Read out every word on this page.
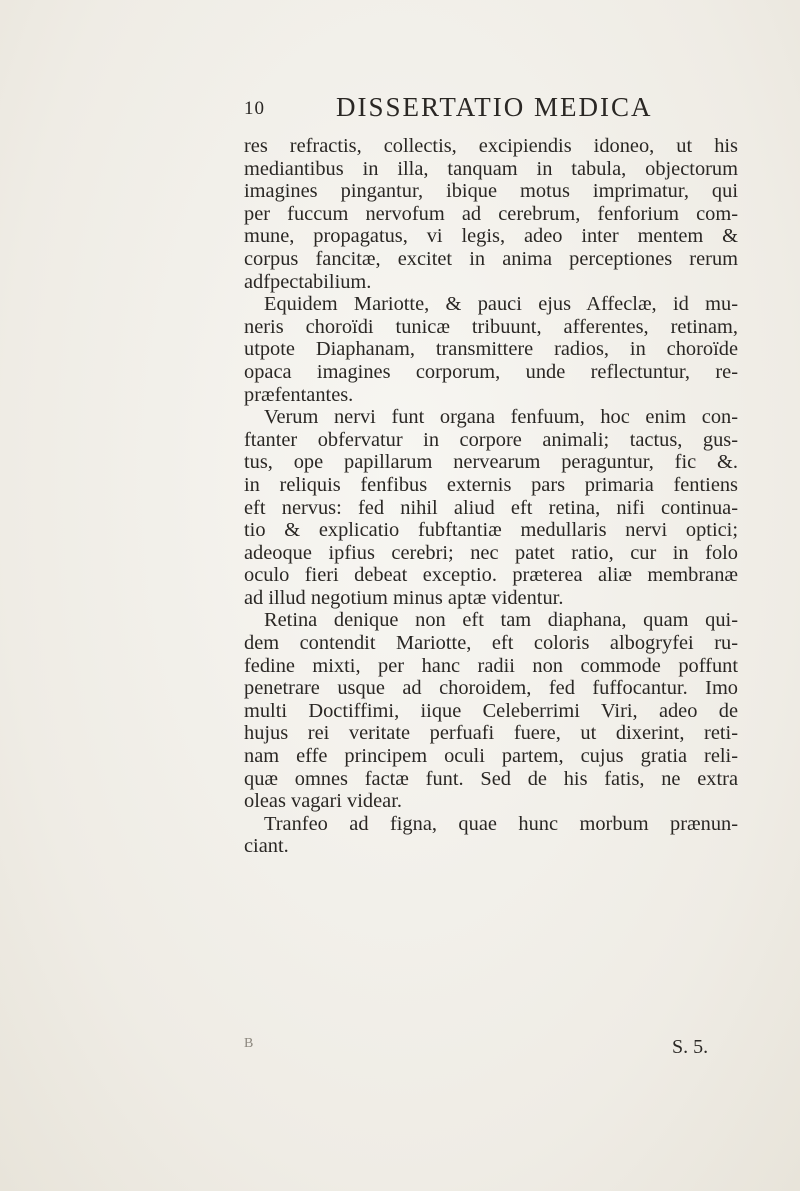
10	DISSERTATIO MEDICA
res refractis, collectis, excipiendis idoneo, ut his
mediantibus in illa, tanquam in tabula, objectorum
imagines pingantur, ibique motus imprimatur, qui
per fuccum nervofum ad cerebrum, fenforium com-
mune, propagatus, vi legis, adeo inter mentem &
corpus fancitæ, excitet in anima perceptiones rerum
adfpectabilium.
Equidem Mariotte, & pauci ejus Affeclæ, id mu-
neris choroïdi tunicæ tribuunt, afferentes, retinam,
utpote Diaphanam, transmittere radios, in choroïde
opaca imagines corporum, unde reflectuntur, re-
præfentantes.
Verum nervi funt organa fenfuum, hoc enim con-
ftanter obfervatur in corpore animali; tactus, gus-
tus, ope papillarum nervearum peraguntur, fic &.
in reliquis fenfibus externis pars primaria fentiens
eft nervus: fed nihil aliud eft retina, nifi continua-
tio & explicatio fubftantiæ medullaris nervi optici;
adeoque ipfius cerebri; nec patet ratio, cur in folo
oculo fieri debeat exceptio. præterea aliæ membranæ
ad illud negotium minus aptæ videntur.
Retina denique non eft tam diaphana, quam qui-
dem contendit Mariotte, eft coloris albogryfei ru-
fedine mixti, per hanc radii non commode poffunt
penetrare usque ad choroidem, fed fuffocantur. Imo
multi Doctiffimi, iique Celeberrimi Viri, adeo de
hujus rei veritate perfuafi fuere, ut dixerint, reti-
nam effe principem oculi partem, cujus gratia reli-
quæ omnes factæ funt. Sed de his fatis, ne extra
oleas vagari videar.
Tranfeo ad figna, quae hunc morbum prænun-
ciant.
B	S. 5.
